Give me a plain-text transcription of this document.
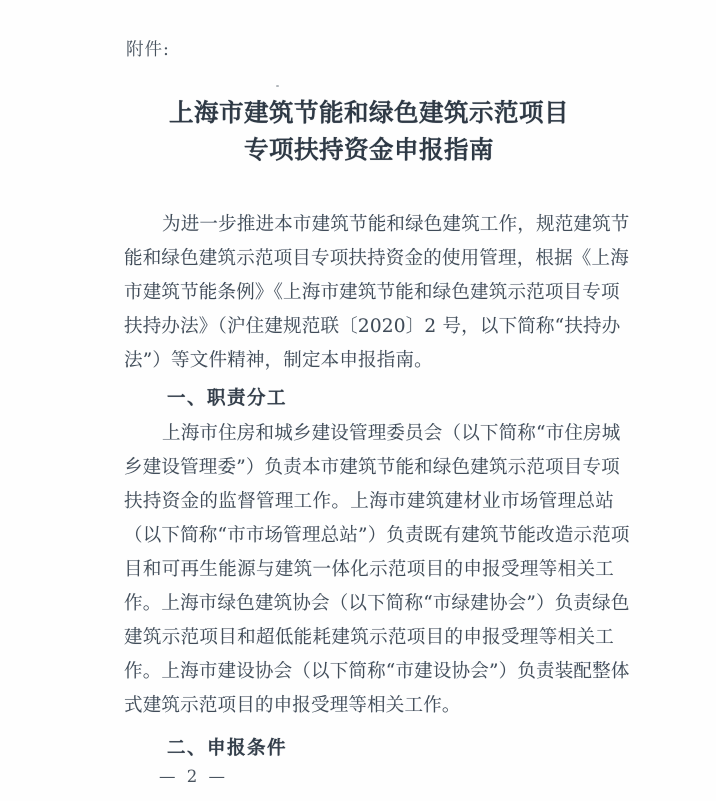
附件:
上海市建筑节能和绿色建筑示范项目
专项扶持资金申报指南
为进一步推进本市建筑节能和绿色建筑工作，规范建筑节
能和绿色建筑示范项目专项扶持资金的使用管理，根据《上海
市建筑节能条例》《上海市建筑节能和绿色建筑示范项目专项
扶持办法》（沪住建规范联〔2020〕2 号，以下简称“扶持办
法”）等文件精神，制定本申报指南。
一、职责分工
上海市住房和城乡建设管理委员会（以下简称“市住房城
乡建设管理委”）负责本市建筑节能和绿色建筑示范项目专项
扶持资金的监督管理工作。上海市建筑建材业市场管理总站
（以下简称“市市场管理总站”）负责既有建筑节能改造示范项
目和可再生能源与建筑一体化示范项目的申报受理等相关工
作。上海市绿色建筑协会（以下简称“市绿建协会”）负责绿色
建筑示范项目和超低能耗建筑示范项目的申报受理等相关工
作。上海市建设协会（以下简称“市建设协会”）负责装配整体
式建筑示范项目的申报受理等相关工作。
二、申报条件
— 2 —
